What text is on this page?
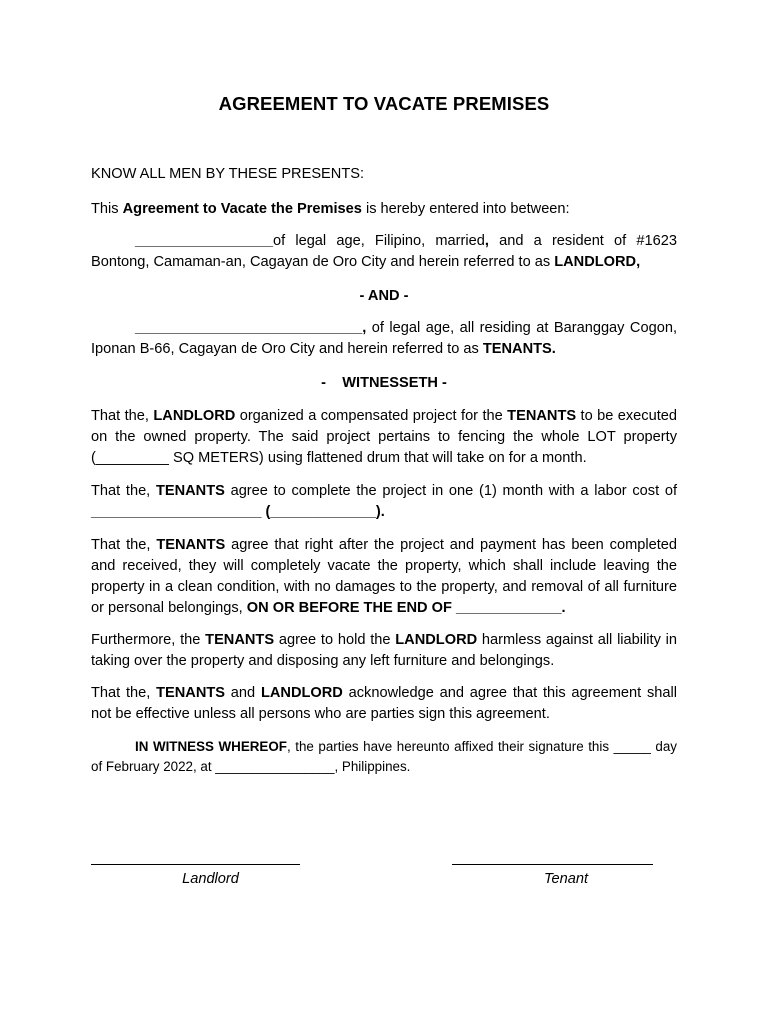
AGREEMENT TO VACATE PREMISES
KNOW ALL MEN BY THESE PRESENTS:
This Agreement to Vacate the Premises is hereby entered into between:
_________________of legal age, Filipino, married, and a resident of #1623 Bontong, Camaman-an, Cagayan de Oro City and herein referred to as LANDLORD,
- AND -
____________________________, of legal age, all residing at Baranggay Cogon, Iponan B-66, Cagayan de Oro City and herein referred to as TENANTS.
-    WITNESSETH -
That the, LANDLORD organized a compensated project for the TENANTS to be executed on the owned property. The said project pertains to fencing the whole LOT property (_________ SQ METERS) using flattened drum that will take on for a month.
That the, TENANTS agree to complete the project in one (1) month with a labor cost of _____________________ (_____________).
That the, TENANTS agree that right after the project and payment has been completed and received, they will completely vacate the property, which shall include leaving the property in a clean condition, with no damages to the property, and removal of all furniture or personal belongings, ON OR BEFORE THE END OF _____________.
Furthermore, the TENANTS agree to hold the LANDLORD harmless against all liability in taking over the property and disposing any left furniture and belongings.
That the, TENANTS and LANDLORD acknowledge and agree that this agreement shall not be effective unless all persons who are parties sign this agreement.
IN WITNESS WHEREOF, the parties have hereunto affixed their signature this _____ day of February 2022, at ________________, Philippines.
Landlord	Tenant
